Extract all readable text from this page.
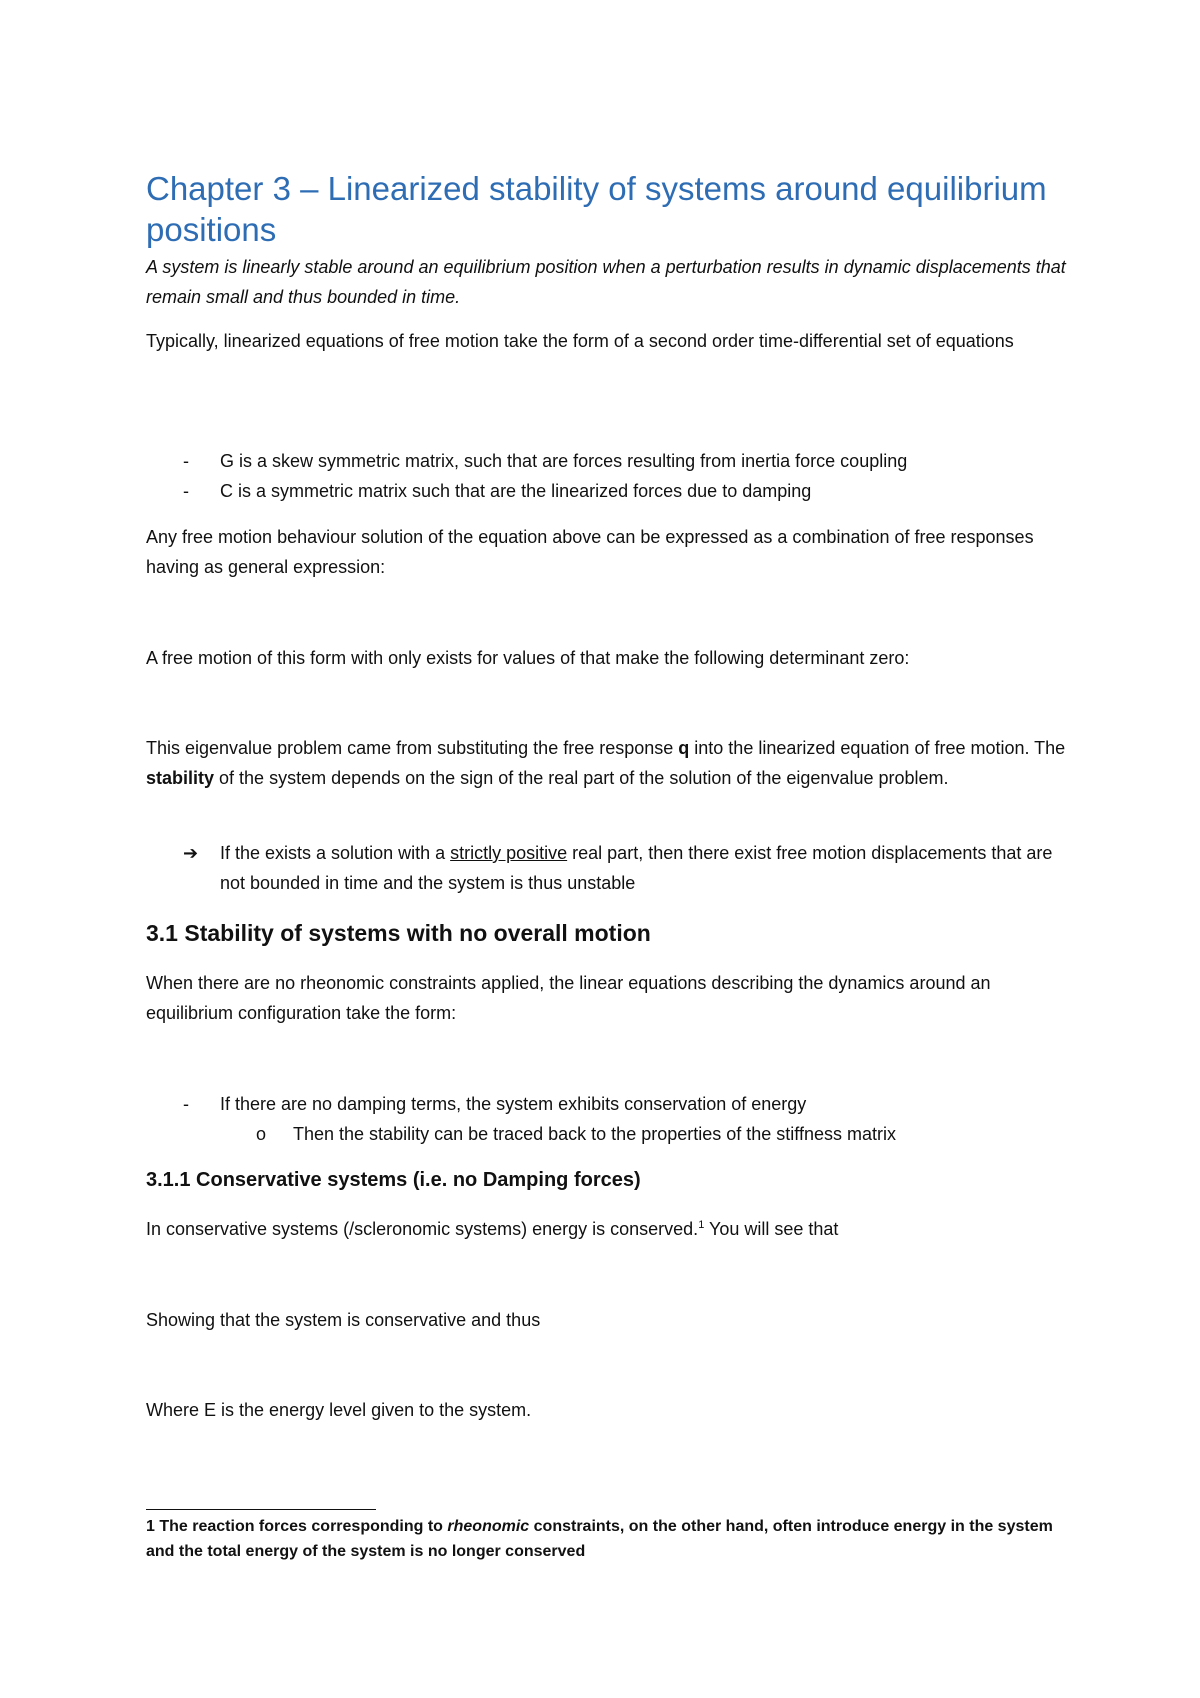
Chapter 3 – Linearized stability of systems around equilibrium positions

A system is linearly stable around an equilibrium position when a perturbation results in dynamic displacements that remain small and thus bounded in time.

Typically, linearized equations of free motion take the form of a second order time-differential set of equations

- G is a skew symmetric matrix, such that are forces resulting from inertia force coupling

- C is a symmetric matrix such that are the linearized forces due to damping

Any free motion behaviour solution of the equation above can be expressed as a combination of free responses having as general expression:

A free motion of this form with only exists for values of that make the following determinant zero:

This eigenvalue problem came from substituting the free response q into the linearized equation of free motion. The stability of the system depends on the sign of the real part of the solution of the eigenvalue problem.

➔ If the exists a solution with a strictly positive real part, then there exist free motion displacements that are not bounded in time and the system is thus unstable

3.1 Stability of systems with no overall motion

When there are no rheonomic constraints applied, the linear equations describing the dynamics around an equilibrium configuration take the form:

- If there are no damping terms, the system exhibits conservation of energy

o Then the stability can be traced back to the properties of the stiffness matrix

3.1.1 Conservative systems (i.e. no Damping forces)

In conservative systems (/scleronomic systems) energy is conserved.$^1$ You will see that

Showing that the system is conservative and thus

Where E is the energy level given to the system.

1 The reaction forces corresponding to rheonomic constraints, on the other hand, often introduce energy in the system and the total energy of the system is no longer conserved
